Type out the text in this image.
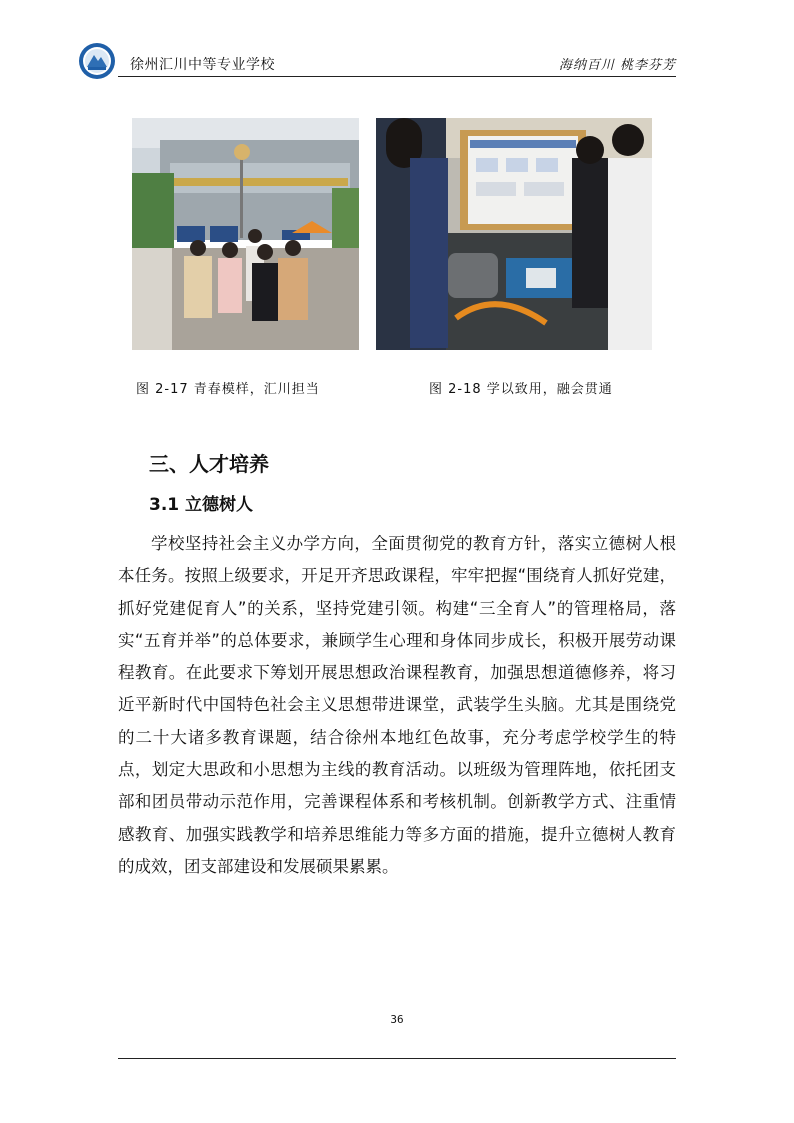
徐州汇川中等专业学校	海纳百川 桃李芬芳
图 2-17 青春模样，汇川担当	图 2-18 学以致用，融会贯通
三、人才培养
3.1 立德树人

学校坚持社会主义办学方向，全面贯彻党的教育方针，落实立德树人根本任务。按照上级要求，开足开齐思政课程，牢牢把握“围绕育人抓好党建，抓好党建促育人”的关系，坚持党建引领。构建“三全育人”的管理格局，落实“五育并举”的总体要求，兼顾学生心理和身体同步成长，积极开展劳动课程教育。在此要求下筹划开展思想政治课程教育，加强思想道德修养，将习近平新时代中国特色社会主义思想带进课堂，武装学生头脑。尤其是围绕党的二十大诸多教育课题，结合徐州本地红色故事，充分考虑学校学生的特点，划定大思政和小思想为主线的教育活动。以班级为管理阵地，依托团支部和团员带动示范作用，完善课程体系和考核机制。创新教学方式、注重情感教育、加强实践教学和培养思维能力等多方面的措施，提升立德树人教育的成效，团支部建设和发展硕果累累。

36
